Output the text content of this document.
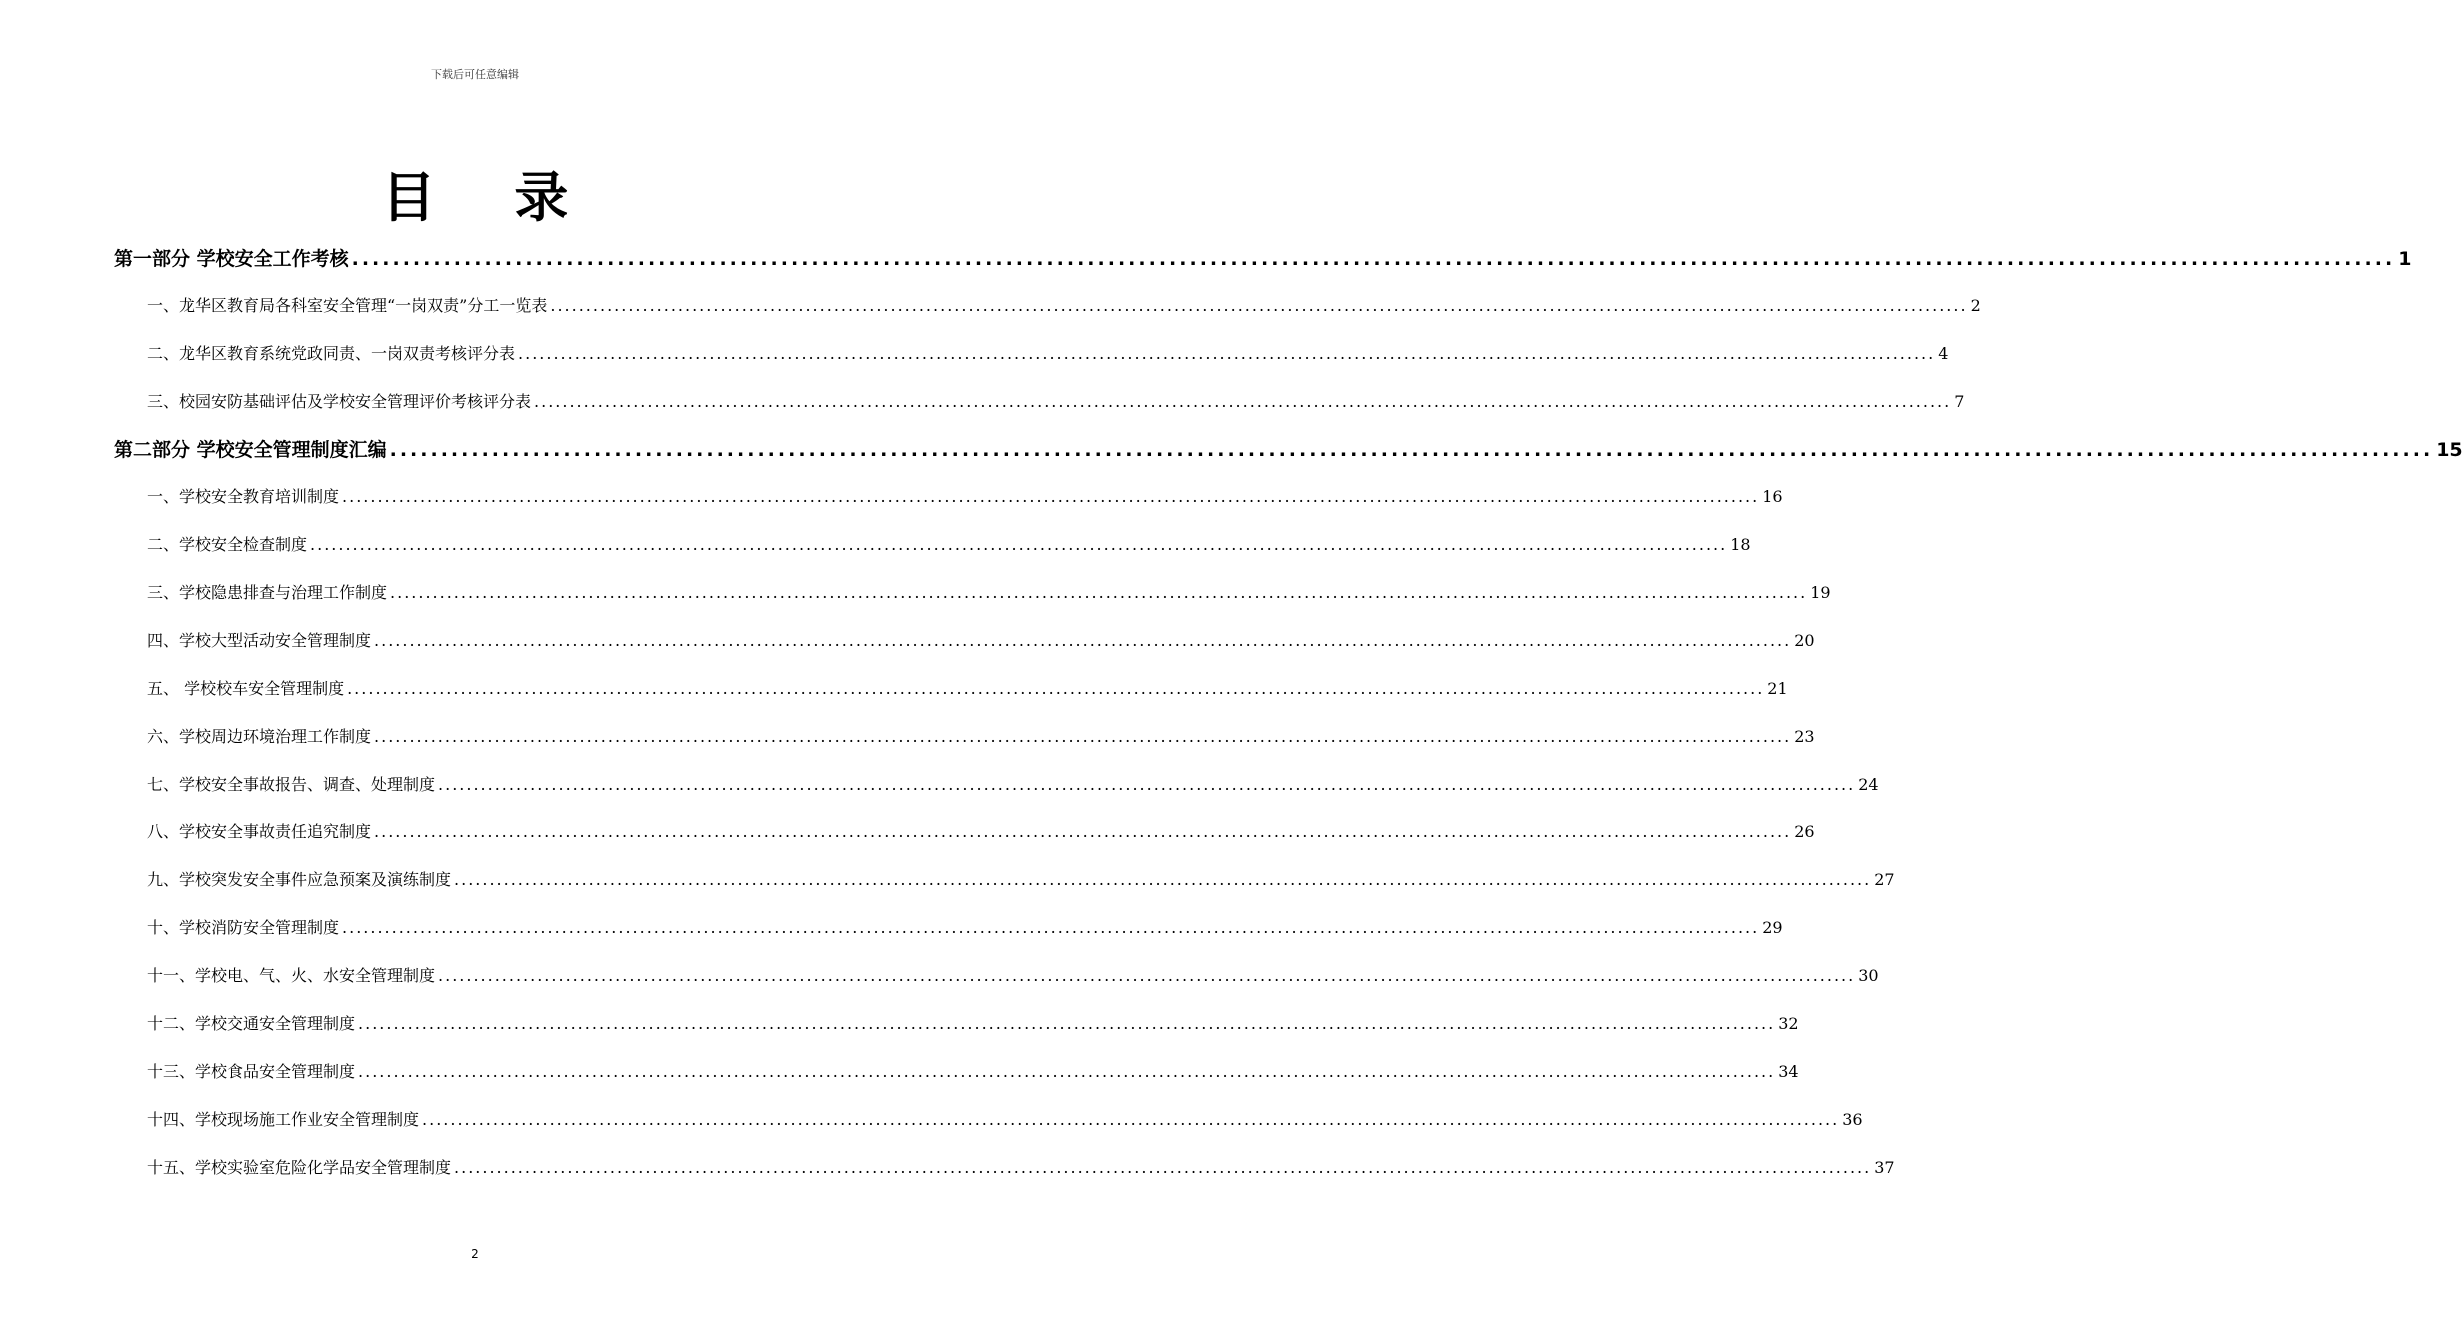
下载后可任意编辑
目 录
第一部分 学校安全工作考核 ........................................................................................................................................................................................................ 1
一、龙华区教育局各科室安全管理“一岗双责”分工一览表 ........................................................................................................................................................................................................ 2
二、龙华区教育系统党政同责、一岗双责考核评分表 ........................................................................................................................................................................................................ 4
三、校园安防基础评估及学校安全管理评价考核评分表 ........................................................................................................................................................................................................ 7
第二部分 学校安全管理制度汇编 ........................................................................................................................................................................................................ 15
一、学校安全教育培训制度 ........................................................................................................................................................................................................ 16
二、学校安全检查制度 ........................................................................................................................................................................................................ 18
三、学校隐患排查与治理工作制度 ........................................................................................................................................................................................................ 19
四、学校大型活动安全管理制度 ........................................................................................................................................................................................................ 20
五、 学校校车安全管理制度 ........................................................................................................................................................................................................ 21
六、学校周边环境治理工作制度 ........................................................................................................................................................................................................ 23
七、学校安全事故报告、调查、处理制度 ........................................................................................................................................................................................................ 24
八、学校安全事故责任追究制度 ........................................................................................................................................................................................................ 26
九、学校突发安全事件应急预案及演练制度 ........................................................................................................................................................................................................ 27
十、学校消防安全管理制度 ........................................................................................................................................................................................................ 29
十一、学校电、气、火、水安全管理制度 ........................................................................................................................................................................................................ 30
十二、学校交通安全管理制度 ........................................................................................................................................................................................................ 32
十三、学校食品安全管理制度 ........................................................................................................................................................................................................ 34
十四、学校现场施工作业安全管理制度 ........................................................................................................................................................................................................ 36
十五、学校实验室危险化学品安全管理制度 ........................................................................................................................................................................................................ 37
2
